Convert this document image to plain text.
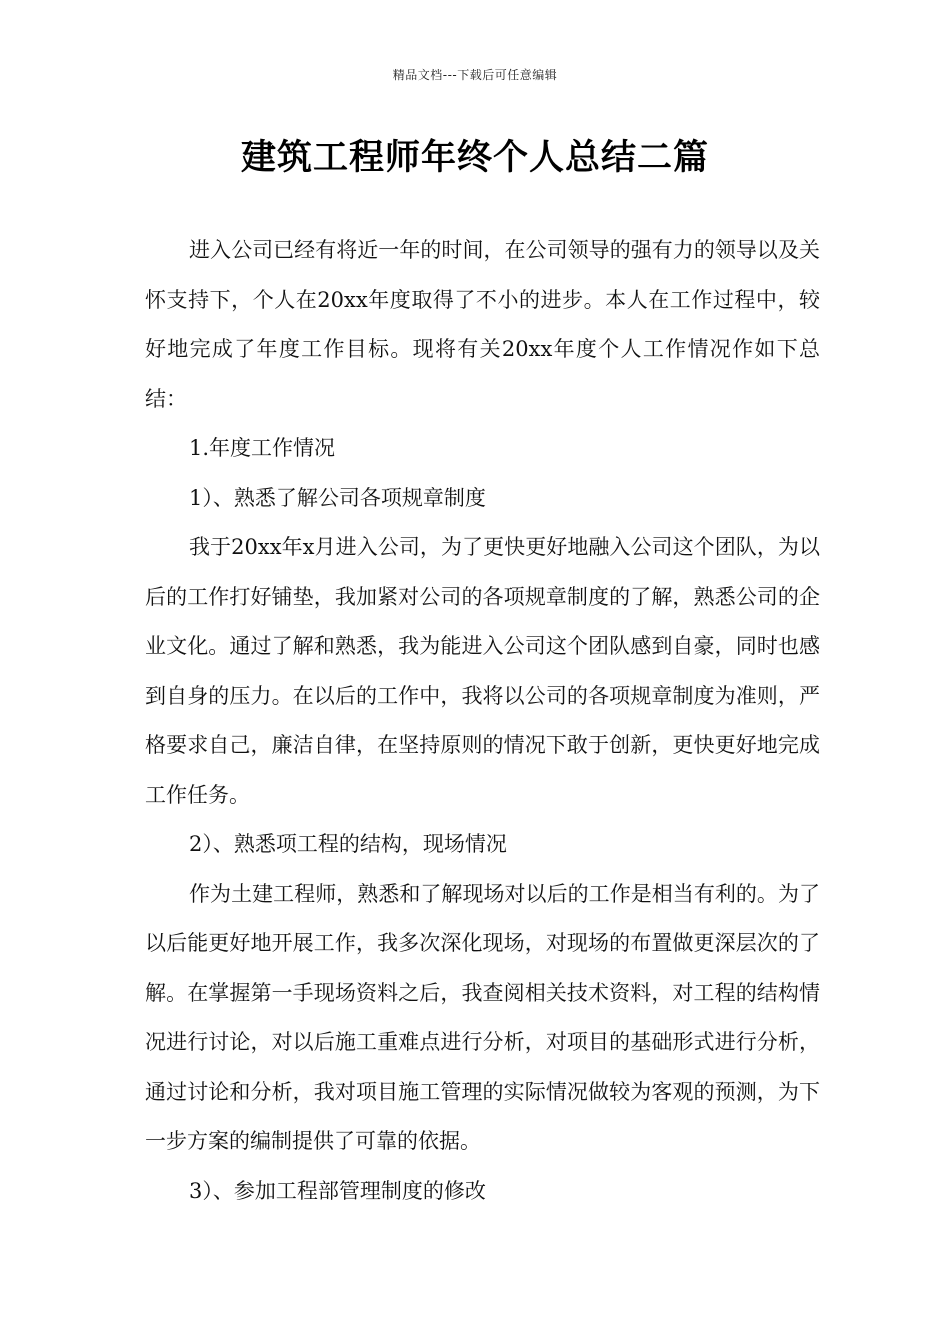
精品文档---下载后可任意编辑
建筑工程师年终个人总结二篇

进入公司已经有将近一年的时间，在公司领导的强有力的领导以及关怀支持下，个人在20xx年度取得了不小的进步。本人在工作过程中，较好地完成了年度工作目标。现将有关20xx年度个人工作情况作如下总结：

1.年度工作情况

1）、熟悉了解公司各项规章制度

我于20xx年x月进入公司，为了更快更好地融入公司这个团队，为以后的工作打好铺垫，我加紧对公司的各项规章制度的了解，熟悉公司的企业文化。通过了解和熟悉，我为能进入公司这个团队感到自豪，同时也感到自身的压力。在以后的工作中，我将以公司的各项规章制度为准则，严格要求自己，廉洁自律，在坚持原则的情况下敢于创新，更快更好地完成工作任务。

2）、熟悉项工程的结构，现场情况

作为土建工程师，熟悉和了解现场对以后的工作是相当有利的。为了以后能更好地开展工作，我多次深化现场，对现场的布置做更深层次的了解。在掌握第一手现场资料之后，我查阅相关技术资料，对工程的结构情况进行讨论，对以后施工重难点进行分析，对项目的基础形式进行分析，通过讨论和分析，我对项目施工管理的实际情况做较为客观的预测，为下一步方案的编制提供了可靠的依据。

3）、参加工程部管理制度的修改
